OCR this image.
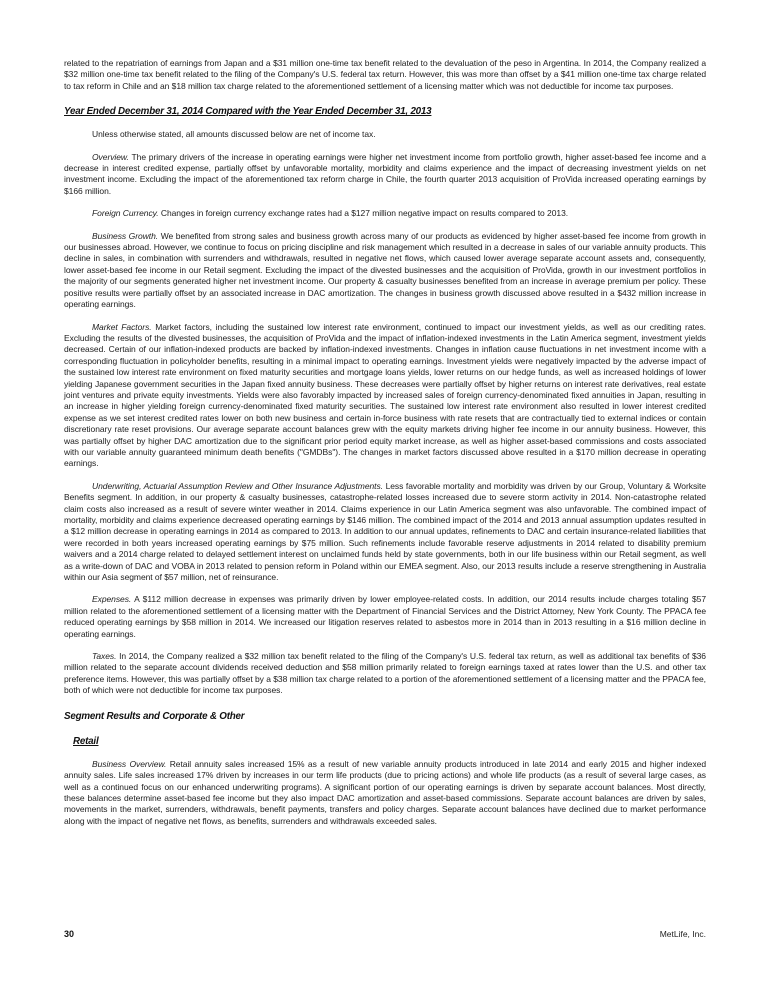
related to the repatriation of earnings from Japan and a $31 million one-time tax benefit related to the devaluation of the peso in Argentina. In 2014, the Company realized a $32 million one-time tax benefit related to the filing of the Company's U.S. federal tax return. However, this was more than offset by a $41 million one-time tax charge related to tax reform in Chile and an $18 million tax charge related to the aforementioned settlement of a licensing matter which was not deductible for income tax purposes.

Year Ended December 31, 2014 Compared with the Year Ended December 31, 2013

Unless otherwise stated, all amounts discussed below are net of income tax.

Overview. The primary drivers of the increase in operating earnings were higher net investment income from portfolio growth, higher asset-based fee income and a decrease in interest credited expense, partially offset by unfavorable mortality, morbidity and claims experience and the impact of decreasing investment yields on net investment income. Excluding the impact of the aforementioned tax reform charge in Chile, the fourth quarter 2013 acquisition of ProVida increased operating earnings by $166 million.

Foreign Currency. Changes in foreign currency exchange rates had a $127 million negative impact on results compared to 2013.

Business Growth. We benefited from strong sales and business growth across many of our products as evidenced by higher asset-based fee income from growth in our businesses abroad. However, we continue to focus on pricing discipline and risk management which resulted in a decrease in sales of our variable annuity products. This decline in sales, in combination with surrenders and withdrawals, resulted in negative net flows, which caused lower average separate account assets and, consequently, lower asset-based fee income in our Retail segment. Excluding the impact of the divested businesses and the acquisition of ProVida, growth in our investment portfolios in the majority of our segments generated higher net investment income. Our property & casualty businesses benefited from an increase in average premium per policy. These positive results were partially offset by an associated increase in DAC amortization. The changes in business growth discussed above resulted in a $432 million increase in operating earnings.

Market Factors. Market factors, including the sustained low interest rate environment, continued to impact our investment yields, as well as our crediting rates. Excluding the results of the divested businesses, the acquisition of ProVida and the impact of inflation-indexed investments in the Latin America segment, investment yields decreased. Certain of our inflation-indexed products are backed by inflation-indexed investments. Changes in inflation cause fluctuations in net investment income with a corresponding fluctuation in policyholder benefits, resulting in a minimal impact to operating earnings. Investment yields were negatively impacted by the adverse impact of the sustained low interest rate environment on fixed maturity securities and mortgage loans yields, lower returns on our hedge funds, as well as increased holdings of lower yielding Japanese government securities in the Japan fixed annuity business. These decreases were partially offset by higher returns on interest rate derivatives, real estate joint ventures and private equity investments. Yields were also favorably impacted by increased sales of foreign currency-denominated fixed annuities in Japan, resulting in an increase in higher yielding foreign currency-denominated fixed maturity securities. The sustained low interest rate environment also resulted in lower interest credited expense as we set interest credited rates lower on both new business and certain in-force business with rate resets that are contractually tied to external indices or contain discretionary rate reset provisions. Our average separate account balances grew with the equity markets driving higher fee income in our annuity business. However, this was partially offset by higher DAC amortization due to the significant prior period equity market increase, as well as higher asset-based commissions and costs associated with our variable annuity guaranteed minimum death benefits ("GMDBs"). The changes in market factors discussed above resulted in a $170 million decrease in operating earnings.

Underwriting, Actuarial Assumption Review and Other Insurance Adjustments. Less favorable mortality and morbidity was driven by our Group, Voluntary & Worksite Benefits segment. In addition, in our property & casualty businesses, catastrophe-related losses increased due to severe storm activity in 2014. Non-catastrophe related claim costs also increased as a result of severe winter weather in 2014. Claims experience in our Latin America segment was also unfavorable. The combined impact of mortality, morbidity and claims experience decreased operating earnings by $146 million. The combined impact of the 2014 and 2013 annual assumption updates resulted in a $12 million decrease in operating earnings in 2014 as compared to 2013. In addition to our annual updates, refinements to DAC and certain insurance-related liabilities that were recorded in both years increased operating earnings by $75 million. Such refinements include favorable reserve adjustments in 2014 related to disability premium waivers and a 2014 charge related to delayed settlement interest on unclaimed funds held by state governments, both in our life business within our Retail segment, as well as a write-down of DAC and VOBA in 2013 related to pension reform in Poland within our EMEA segment. Also, our 2013 results include a reserve strengthening in Australia within our Asia segment of $57 million, net of reinsurance.

Expenses. A $112 million decrease in expenses was primarily driven by lower employee-related costs. In addition, our 2014 results include charges totaling $57 million related to the aforementioned settlement of a licensing matter with the Department of Financial Services and the District Attorney, New York County. The PPACA fee reduced operating earnings by $58 million in 2014. We increased our litigation reserves related to asbestos more in 2014 than in 2013 resulting in a $16 million decline in operating earnings.

Taxes. In 2014, the Company realized a $32 million tax benefit related to the filing of the Company's U.S. federal tax return, as well as additional tax benefits of $36 million related to the separate account dividends received deduction and $58 million primarily related to foreign earnings taxed at rates lower than the U.S. and other tax preference items. However, this was partially offset by a $38 million tax charge related to a portion of the aforementioned settlement of a licensing matter and the PPACA fee, both of which were not deductible for income tax purposes.

Segment Results and Corporate & Other
Retail

Business Overview. Retail annuity sales increased 15% as a result of new variable annuity products introduced in late 2014 and early 2015 and higher indexed annuity sales. Life sales increased 17% driven by increases in our term life products (due to pricing actions) and whole life products (as a result of several large cases, as well as a continued focus on our enhanced underwriting programs). A significant portion of our operating earnings is driven by separate account balances. Most directly, these balances determine asset-based fee income but they also impact DAC amortization and asset-based commissions. Separate account balances are driven by sales, movements in the market, surrenders, withdrawals, benefit payments, transfers and policy charges. Separate account balances have declined due to market performance along with the impact of negative net flows, as benefits, surrenders and withdrawals exceeded sales.

30	MetLife, Inc.
